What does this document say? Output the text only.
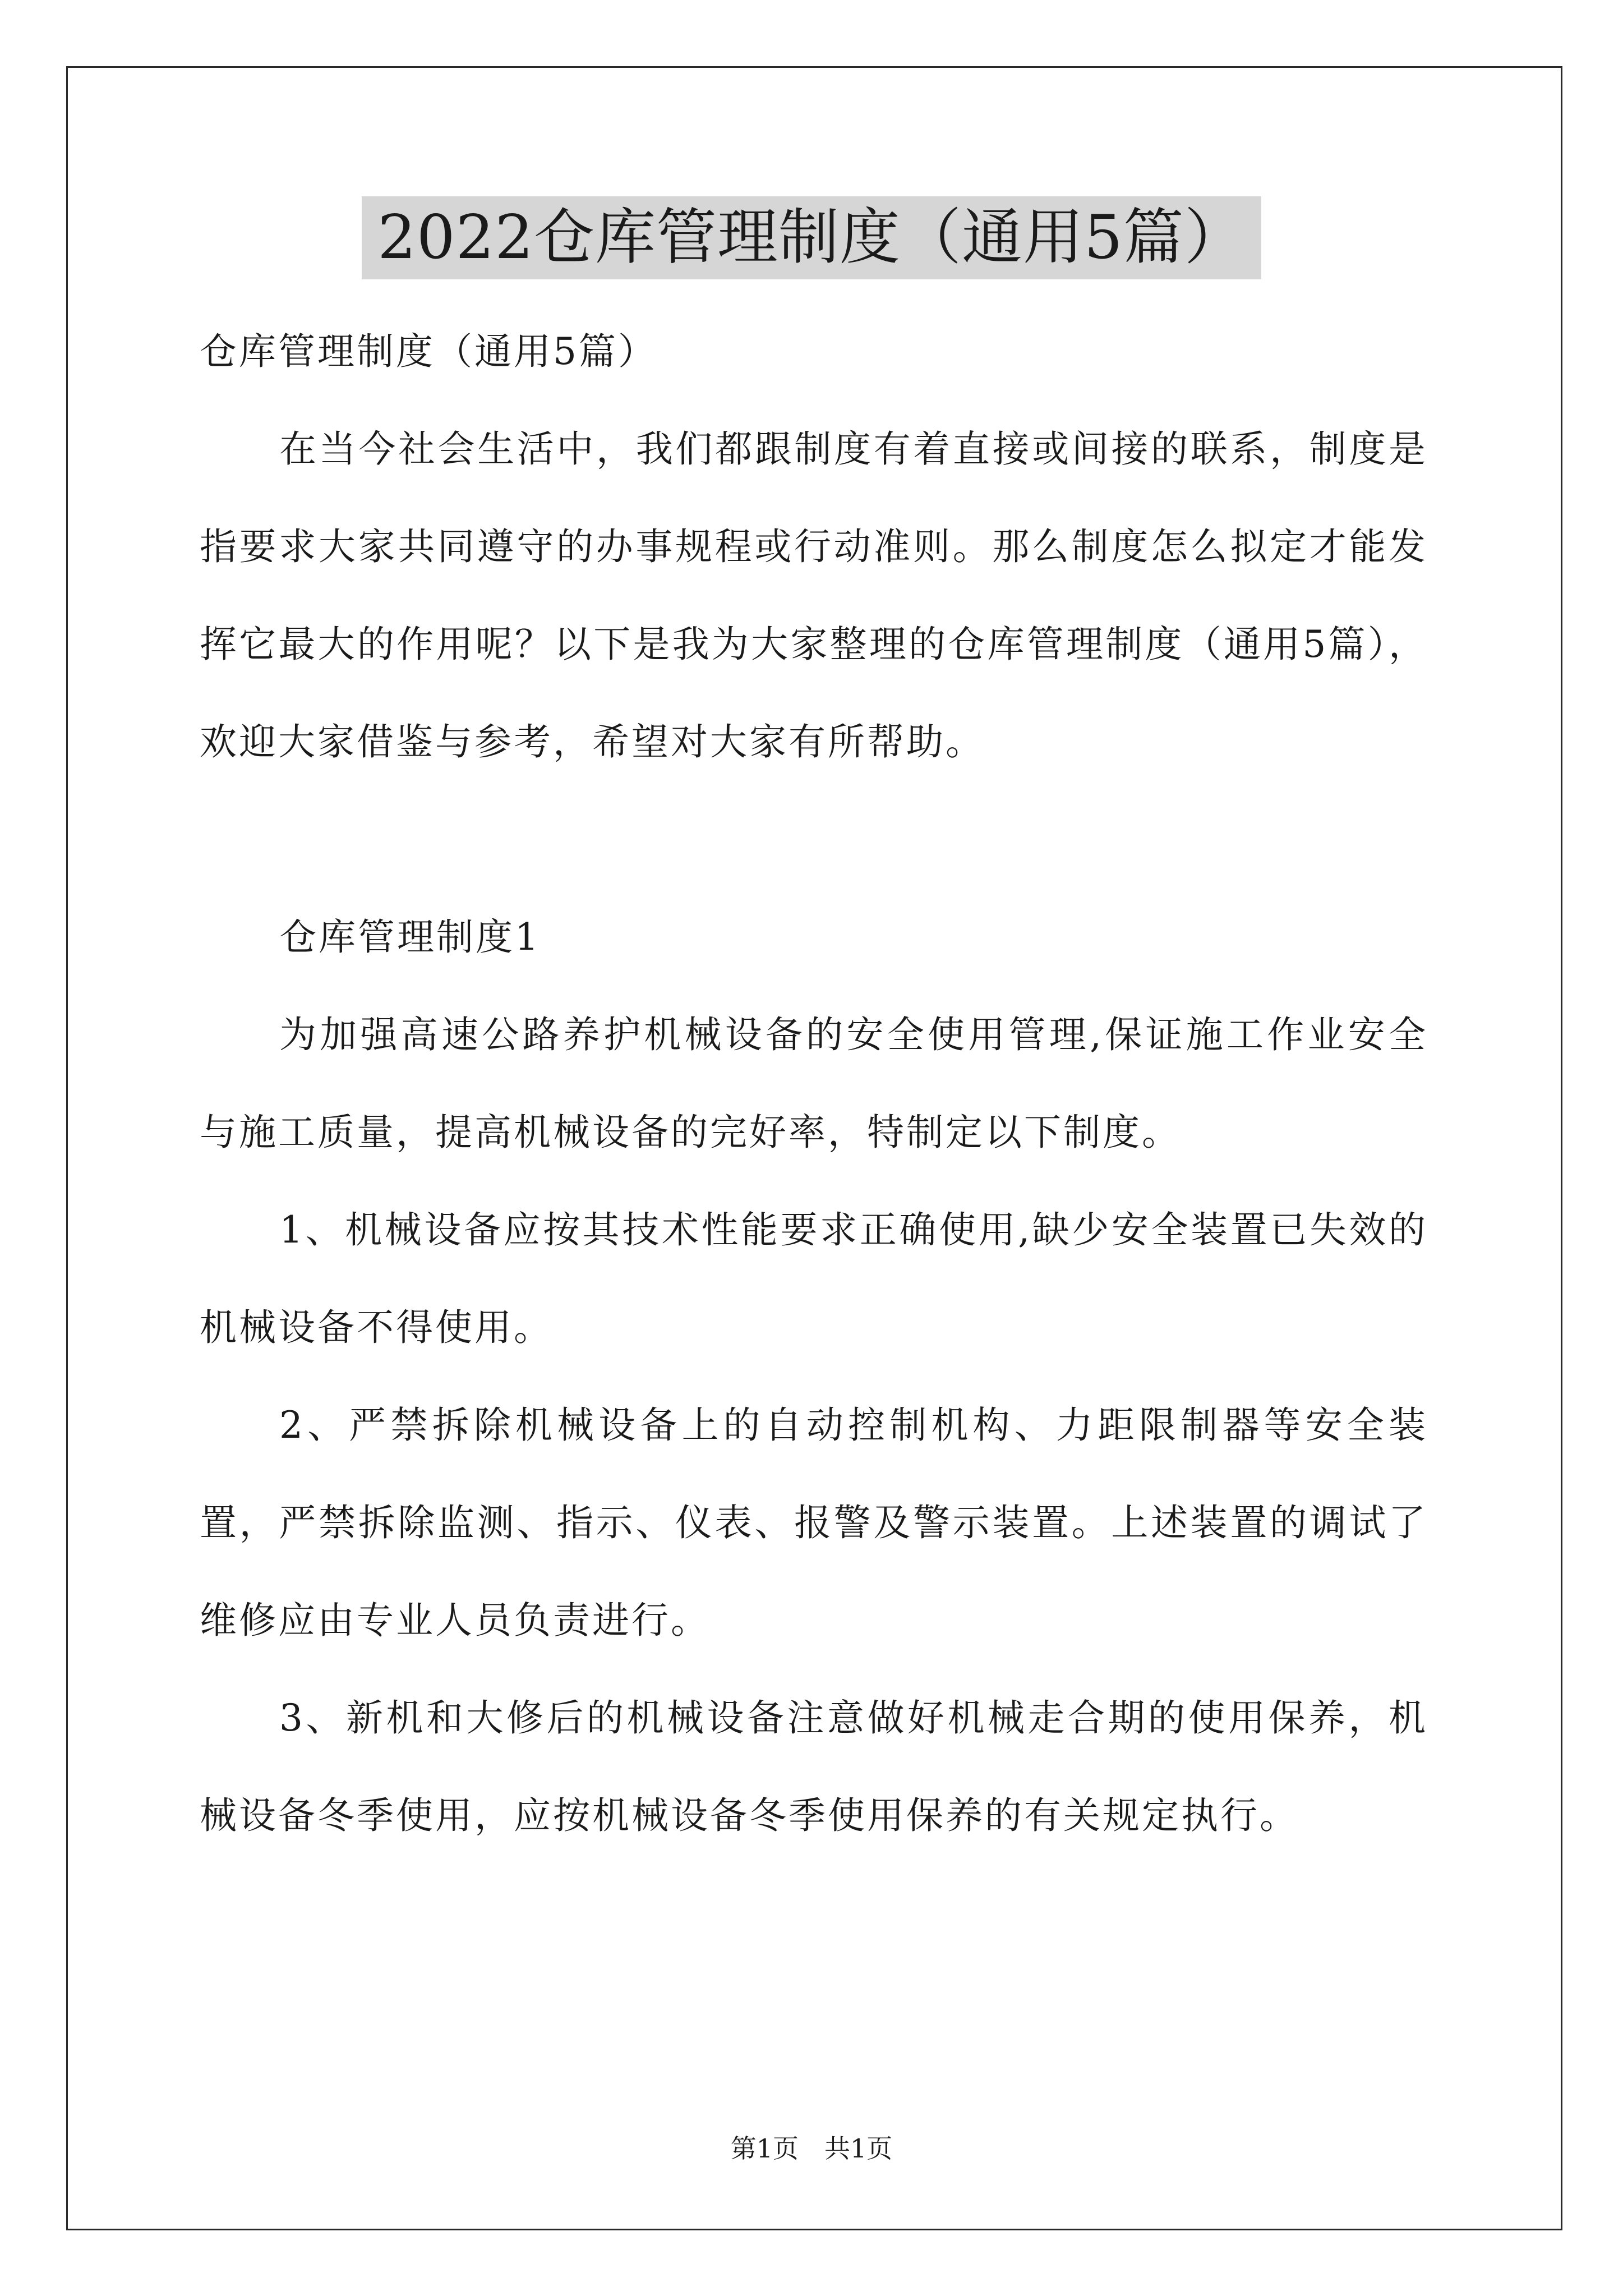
2022仓库管理制度（通用5篇）

仓库管理制度（通用5篇）

在当今社会生活中，我们都跟制度有着直接或间接的联系，制度是指要求大家共同遵守的办事规程或行动准则。那么制度怎么拟定才能发挥它最大的作用呢？以下是我为大家整理的仓库管理制度（通用5篇），欢迎大家借鉴与参考，希望对大家有所帮助。

仓库管理制度1

为加强高速公路养护机械设备的安全使用管理,保证施工作业安全与施工质量，提高机械设备的完好率，特制定以下制度。

1、机械设备应按其技术性能要求正确使用,缺少安全装置已失效的机械设备不得使用。

2、严禁拆除机械设备上的自动控制机构、力距限制器等安全装置，严禁拆除监测、指示、仪表、报警及警示装置。上述装置的调试了维修应由专业人员负责进行。

3、新机和大修后的机械设备注意做好机械走合期的使用保养，机械设备冬季使用，应按机械设备冬季使用保养的有关规定执行。

第1页　共1页
